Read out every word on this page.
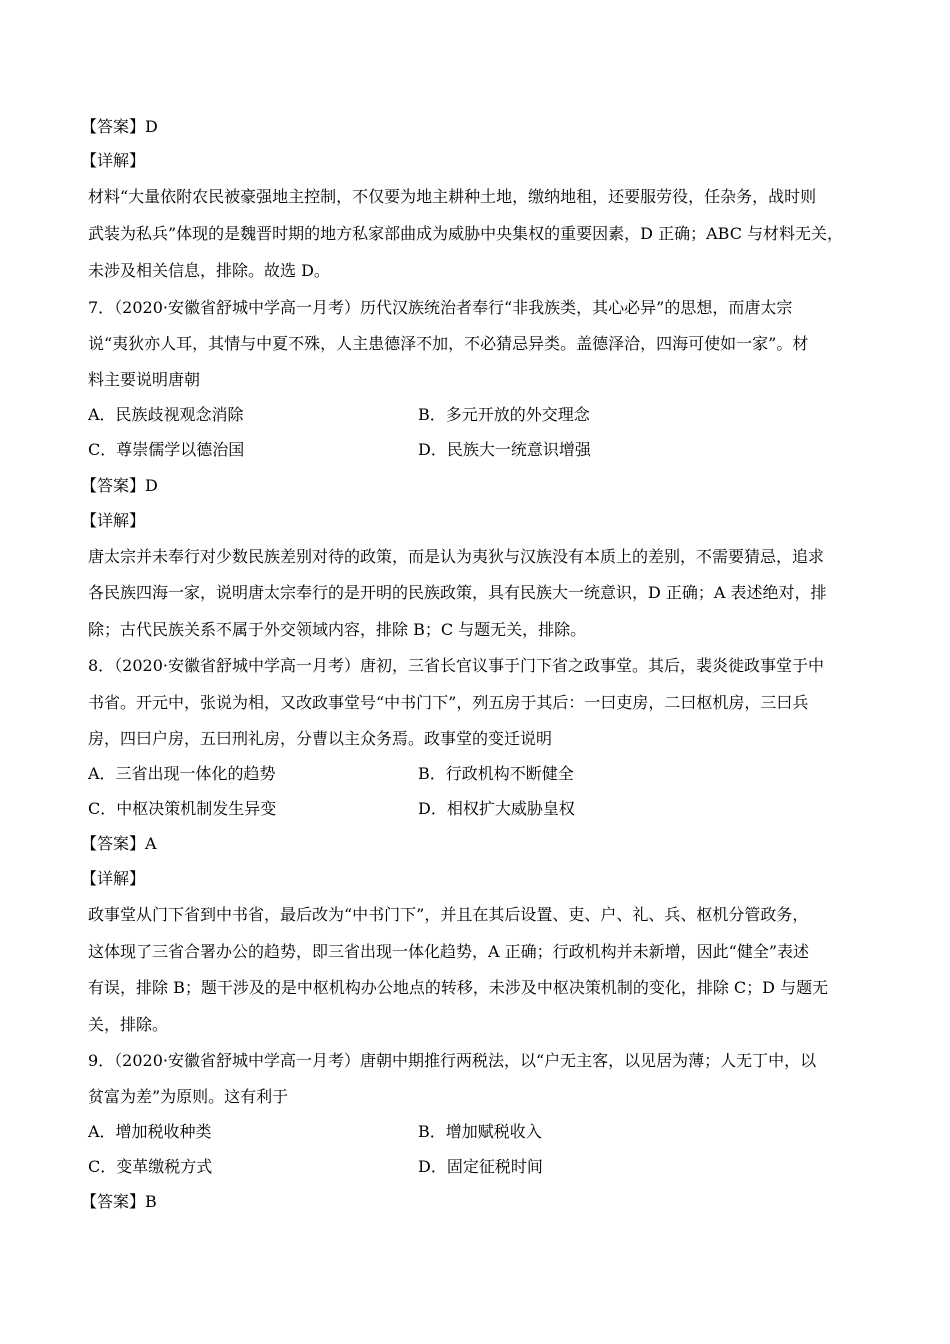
【答案】D
【详解】
材料“大量依附农民被豪强地主控制，不仅要为地主耕种土地，缴纳地租，还要服劳役，任杂务，战时则
武装为私兵”体现的是魏晋时期的地方私家部曲成为威胁中央集权的重要因素，D 正确；ABC 与材料无关，
未涉及相关信息，排除。故选 D。
7．（2020·安徽省舒城中学高一月考）历代汉族统治者奉行“非我族类，其心必异”的思想，而唐太宗
说“夷狄亦人耳，其情与中夏不殊，人主患德泽不加，不必猜忌异类。盖德泽洽，四海可使如一家”。材
料主要说明唐朝
A．民族歧视观念消除	B．多元开放的外交理念
C．尊崇儒学以德治国	D．民族大一统意识增强
【答案】D
【详解】
唐太宗并未奉行对少数民族差别对待的政策，而是认为夷狄与汉族没有本质上的差别，不需要猜忌，追求
各民族四海一家，说明唐太宗奉行的是开明的民族政策，具有民族大一统意识，D 正确；A 表述绝对，排
除；古代民族关系不属于外交领域内容，排除 B；C 与题无关，排除。
8．（2020·安徽省舒城中学高一月考）唐初，三省长官议事于门下省之政事堂。其后，裴炎徙政事堂于中
书省。开元中，张说为相，又改政事堂号“中书门下”，列五房于其后：一曰吏房，二曰枢机房，三曰兵
房，四曰户房，五曰刑礼房，分曹以主众务焉。政事堂的变迁说明
A．三省出现一体化的趋势	B．行政机构不断健全
C．中枢决策机制发生异变	D．相权扩大威胁皇权
【答案】A
【详解】
政事堂从门下省到中书省，最后改为“中书门下”，并且在其后设置、吏、户、礼、兵、枢机分管政务，
这体现了三省合署办公的趋势，即三省出现一体化趋势，A 正确；行政机构并未新增，因此“健全”表述
有误，排除 B；题干涉及的是中枢机构办公地点的转移，未涉及中枢决策机制的变化，排除 C；D 与题无
关，排除。
9．（2020·安徽省舒城中学高一月考）唐朝中期推行两税法，以“户无主客，以见居为薄；人无丁中，以
贫富为差”为原则。这有利于
A．增加税收种类	B．增加赋税收入
C．变革缴税方式	D．固定征税时间
【答案】B
